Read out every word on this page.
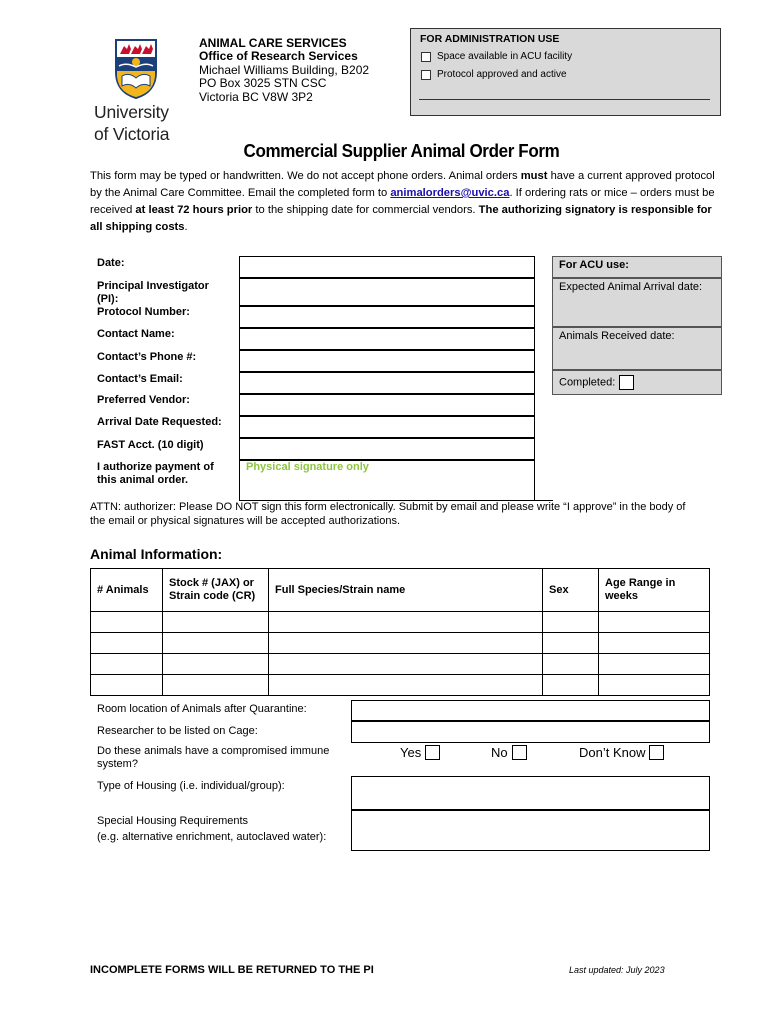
University
of Victoria
ANIMAL CARE SERVICES
Office of Research Services
Michael Williams Building, B202
PO Box 3025 STN CSC
Victoria BC V8W 3P2
FOR ADMINISTRATION USE
Space available in ACU facility
Protocol approved and active
Commercial Supplier Animal Order Form
This form may be typed or handwritten. We do not accept phone orders. Animal orders must have a current approved protocol by the Animal Care Committee. Email the completed form to animalorders@uvic.ca. If ordering rats or mice – orders must be received at least 72 hours prior to the shipping date for commercial vendors. The authorizing signatory is responsible for all shipping costs.
Date:
Principal Investigator (PI):
Protocol Number:
Contact Name:
Contact’s Phone #:
Contact’s Email:
Preferred Vendor:
Arrival Date Requested:
FAST Acct. (10 digit)
I authorize payment of this animal order.
Physical signature only
For ACU use:
Expected Animal Arrival date:
Animals Received date:
Completed:
ATTN: authorizer: Please DO NOT sign this form electronically. Submit by email and please write “I approve” in the body of the email or physical signatures will be accepted authorizations.
Animal Information:
# Animals	Stock # (JAX) or Strain code (CR)	Full Species/Strain name	Sex	Age Range in weeks

Room location of Animals after Quarantine:
Researcher to be listed on Cage:
Do these animals have a compromised immune system?
Yes	No	Don’t Know
Type of Housing (i.e. individual/group):
Special Housing Requirements
(e.g. alternative enrichment, autoclaved water):
INCOMPLETE FORMS WILL BE RETURNED TO THE PI	Last updated: July 2023
